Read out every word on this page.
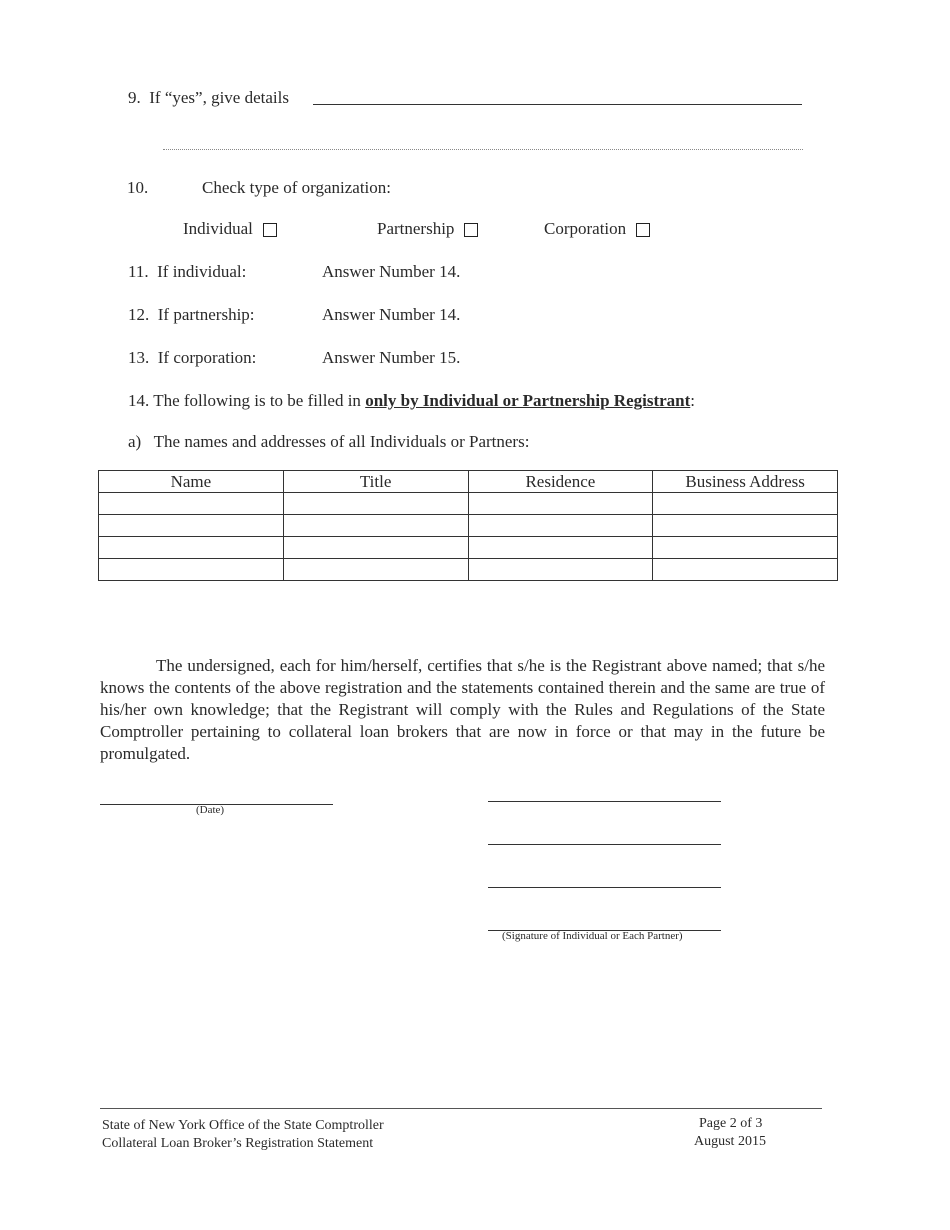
9. If “yes”, give details
10.	Check type of organization:
Individual	Partnership	Corporation
11. If individual:	Answer Number 14.
12. If partnership:	Answer Number 14.
13. If corporation:	Answer Number 15.
14. The following is to be filled in only by Individual or Partnership Registrant:
a)   The names and addresses of all Individuals or Partners:
Name	Title	Residence	Business Address

The undersigned, each for him/herself, certifies that s/he is the Registrant above named; that s/he knows the contents of the above registration and the statements contained therein and the same are true of his/her own knowledge; that the Registrant will comply with the Rules and Regulations of the State Comptroller pertaining to collateral loan brokers that are now in force or that may in the future be promulgated.
(Date)
(Signature of Individual or Each Partner)
State of New York Office of the State Comptroller
Collateral Loan Broker’s Registration Statement
Page 2 of 3
August 2015
